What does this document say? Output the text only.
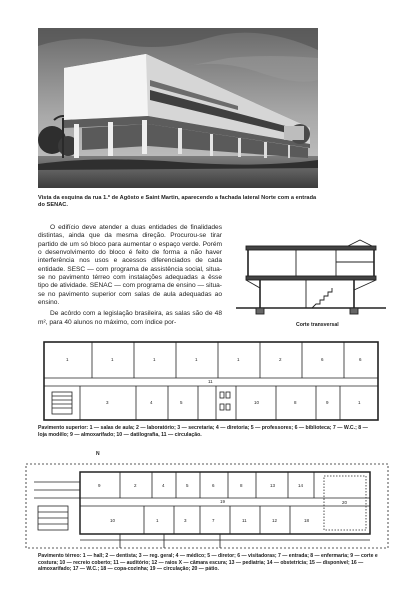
Vista da esquina da rua 1.º de Agôsto e Saint Martin, aparecendo a fachada lateral Norte com a entrada do SENAC.

O edifício deve atender a duas entidades de finalidades distintas, ainda que da mesma direção. Procurou-se tirar partido de um só bloco para aumentar o espaço verde. Porém o desenvolvimento do bloco é feito de forma a não haver interferência nos usos e acessos diferenciados de cada entidade. SESC — com programa de assistência social, situa-se no pavimento térreo com instalações adequadas a êsse tipo de atividade. SENAC — com programa de ensino — situa-se no pavimento superior com salas de aula adequadas ao ensino.

De acôrdo com a legislação brasileira, as salas são de 48 m², para 40 alunos no máximo, com índice por-	Corte transversal
1	1	1	1	1	2	6	6
3	4	5	10	8	9	1
11
Pavimento superior: 1 — salas de aula; 2 — laboratório; 3 — secretaria; 4 — diretoria; 5 — professores; 6 — biblioteca; 7 — W.C.; 8 — loja modêlo; 9 — almoxarifado; 10 — datilografia, 11 — circulação.
N
9	2	4	5	6	8	13	14
20
10	1	3	7	11	12	18
19
Pavimento térreo: 1 — hall; 2 — dentista; 3 — reg. geral; 4 — médico; 5 — diretor; 6 — visitadoras; 7 — entrada; 8 — enfermaria; 9 — corte e costura; 10 — recreio coberto; 11 — auditório; 12 — raios X — câmara escura; 13 — pediatria; 14 — obstetrícia; 15 — disponível; 16 — almoxarifado; 17 — W.C.; 18 — copa-cozinha; 19 — circulação; 20 — pátio.
